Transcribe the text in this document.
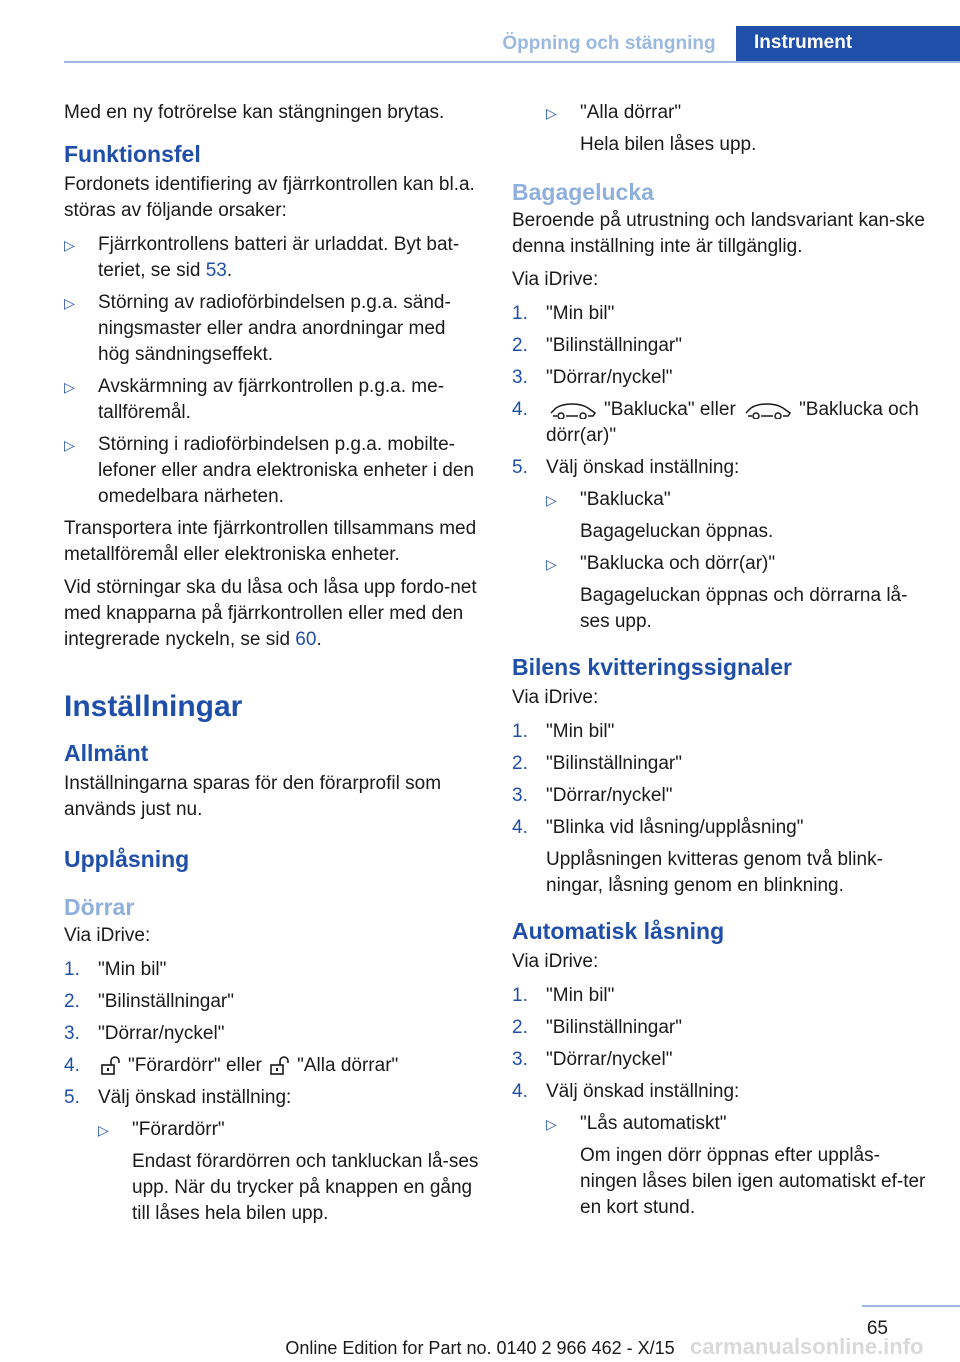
Öppning och stängning	Instrument

Med en ny fotrörelse kan stängningen brytas.

Funktionsfel

Fordonets identifiering av fjärrkontrollen kan bl.a. störas av följande orsaker:

▷ Fjärrkontrollens batteri är urladdat. Byt bat-teriet, se sid 53.
▷ Störning av radioförbindelsen p.g.a. sänd-ningsmaster eller andra anordningar med hög sändningseffekt.
▷ Avskärmning av fjärrkontrollen p.g.a. me-tallföremål.
▷ Störning i radioförbindelsen p.g.a. mobilte-lefoner eller andra elektroniska enheter i den omedelbara närheten.

Transportera inte fjärrkontrollen tillsammans med metallföremål eller elektroniska enheter.

Vid störningar ska du låsa och låsa upp fordo-net med knapparna på fjärrkontrollen eller med den integrerade nyckeln, se sid 60.

Inställningar
Allmänt

Inställningarna sparas för den förarprofil som används just nu.

Upplåsning
Dörrar

Via iDrive:

1. "Min bil"
2. "Bilinställningar"
3. "Dörrar/nyckel"
4.	"Förardörr" eller "Alla dörrar"
5. Välj önskad inställning:
▷ "Förardörr"
Endast förardörren och tankluckan lå-ses upp. När du trycker på knappen en gång till låses hela bilen upp.
▷ "Alla dörrar"
Hela bilen låses upp.
Bagagelucka

Beroende på utrustning och landsvariant kan-ske denna inställning inte är tillgänglig.

Via iDrive:

1. "Min bil"
2. "Bilinställningar"
3. "Dörrar/nyckel"
4.	"Baklucka" eller	"Baklucka och dörr(ar)"
5. Välj önskad inställning:
▷ "Baklucka"
Bagageluckan öppnas.
▷ "Baklucka och dörr(ar)"
Bagageluckan öppnas och dörrarna lå-ses upp.
Bilens kvitteringssignaler

Via iDrive:

1. "Min bil"
2. "Bilinställningar"
3. "Dörrar/nyckel"
4. "Blinka vid låsning/upplåsning"
Upplåsningen kvitteras genom två blink-ningar, låsning genom en blinkning.
Automatisk låsning

Via iDrive:

1. "Min bil"
2. "Bilinställningar"
3. "Dörrar/nyckel"
4. Välj önskad inställning:
▷ "Lås automatiskt"
Om ingen dörr öppnas efter upplås-ningen låses bilen igen automatiskt ef-ter en kort stund.
65
Online Edition for Part no. 0140 2 966 462 - X/15 carmanualsonline.info
